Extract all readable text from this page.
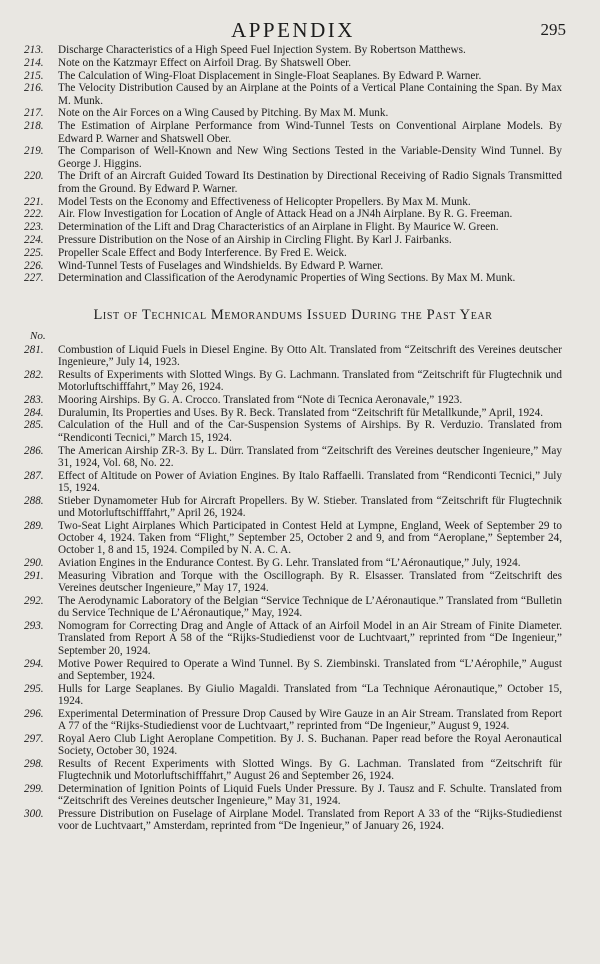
APPENDIX	295
213.	Discharge Characteristics of a High Speed Fuel Injection System. By Robertson Matthews.
214.	Note on the Katzmayr Effect on Airfoil Drag. By Shatswell Ober.
215.	The Calculation of Wing-Float Displacement in Single-Float Seaplanes. By Edward P. Warner.
216.	The Velocity Distribution Caused by an Airplane at the Points of a Vertical Plane Containing the Span. By Max M. Munk.
217.	Note on the Air Forces on a Wing Caused by Pitching. By Max M. Munk.
218.	The Estimation of Airplane Performance from Wind-Tunnel Tests on Conventional Airplane Models. By Edward P. Warner and Shatswell Ober.
219.	The Comparison of Well-Known and New Wing Sections Tested in the Variable-Density Wind Tunnel. By George J. Higgins.
220.	The Drift of an Aircraft Guided Toward Its Destination by Directional Receiving of Radio Signals Transmitted from the Ground. By Edward P. Warner.
221.	Model Tests on the Economy and Effectiveness of Helicopter Propellers. By Max M. Munk.
222.	Air. Flow Investigation for Location of Angle of Attack Head on a JN4h Airplane. By R. G. Freeman.
223.	Determination of the Lift and Drag Characteristics of an Airplane in Flight. By Maurice W. Green.
224.	Pressure Distribution on the Nose of an Airship in Circling Flight. By Karl J. Fairbanks.
225.	Propeller Scale Effect and Body Interference. By Fred E. Weick.
226.	Wind-Tunnel Tests of Fuselages and Windshields. By Edward P. Warner.
227.	Determination and Classification of the Aerodynamic Properties of Wing Sections. By Max M. Munk.
List of Technical Memorandums Issued During the Past Year
No.
281.	Combustion of Liquid Fuels in Diesel Engine. By Otto Alt. Translated from “Zeitschrift des Vereines deutscher Ingenieure,” July 14, 1923.
282.	Results of Experiments with Slotted Wings. By G. Lachmann. Translated from “Zeitschrift für Flugtechnik und Motorluftschifffahrt,” May 26, 1924.
283.	Mooring Airships. By G. A. Crocco. Translated from “Note di Tecnica Aeronavale,” 1923.
284.	Duralumin, Its Properties and Uses. By R. Beck. Translated from “Zeitschrift für Metallkunde,” April, 1924.
285.	Calculation of the Hull and of the Car-Suspension Systems of Airships. By R. Verduzio. Translated from “Rendiconti Tecnici,” March 15, 1924.
286.	The American Airship ZR-3. By L. Dürr. Translated from “Zeitschrift des Vereines deutscher Ingenieure,” May 31, 1924, Vol. 68, No. 22.
287.	Effect of Altitude on Power of Aviation Engines. By Italo Raffaelli. Translated from “Rendiconti Tecnici,” July 15, 1924.
288.	Stieber Dynamometer Hub for Aircraft Propellers. By W. Stieber. Translated from “Zeitschrift für Flugtechnik und Motorluftschifffahrt,” April 26, 1924.
289.	Two-Seat Light Airplanes Which Participated in Contest Held at Lympne, England, Week of September 29 to October 4, 1924. Taken from “Flight,” September 25, October 2 and 9, and from “Aeroplane,” September 24, October 1, 8 and 15, 1924. Compiled by N. A. C. A.
290.	Aviation Engines in the Endurance Contest. By G. Lehr. Translated from “L’Aéronautique,” July, 1924.
291.	Measuring Vibration and Torque with the Oscillograph. By R. Elsasser. Translated from “Zeitschrift des Vereines deutscher Ingenieure,” May 17, 1924.
292.	The Aerodynamic Laboratory of the Belgian “Service Technique de L’Aéronautique.” Translated from “Bulletin du Service Technique de L’Aéronautique,” May, 1924.
293.	Nomogram for Correcting Drag and Angle of Attack of an Airfoil Model in an Air Stream of Finite Diameter. Translated from Report A 58 of the “Rijks-Studiedienst voor de Luchtvaart,” reprinted from “De Ingenieur,” September 20, 1924.
294.	Motive Power Required to Operate a Wind Tunnel. By S. Ziembinski. Translated from “L’Aérophile,” August and September, 1924.
295.	Hulls for Large Seaplanes. By Giulio Magaldi. Translated from “La Technique Aéronautique,” October 15, 1924.
296.	Experimental Determination of Pressure Drop Caused by Wire Gauze in an Air Stream. Translated from Report A 77 of the “Rijks-Studiedienst voor de Luchtvaart,” reprinted from “De Ingenieur,” August 9, 1924.
297.	Royal Aero Club Light Aeroplane Competition. By J. S. Buchanan. Paper read before the Royal Aeronautical Society, October 30, 1924.
298.	Results of Recent Experiments with Slotted Wings. By G. Lachman. Translated from “Zeitschrift für Flugtechnik und Motorluftschifffahrt,” August 26 and September 26, 1924.
299.	Determination of Ignition Points of Liquid Fuels Under Pressure. By J. Tausz and F. Schulte. Translated from “Zeitschrift des Vereines deutscher Ingenieure,” May 31, 1924.
300.	Pressure Distribution on Fuselage of Airplane Model. Translated from Report A 33 of the “Rijks-Studiedienst voor de Luchtvaart,” Amsterdam, reprinted from “De Ingenieur,” of January 26, 1924.
